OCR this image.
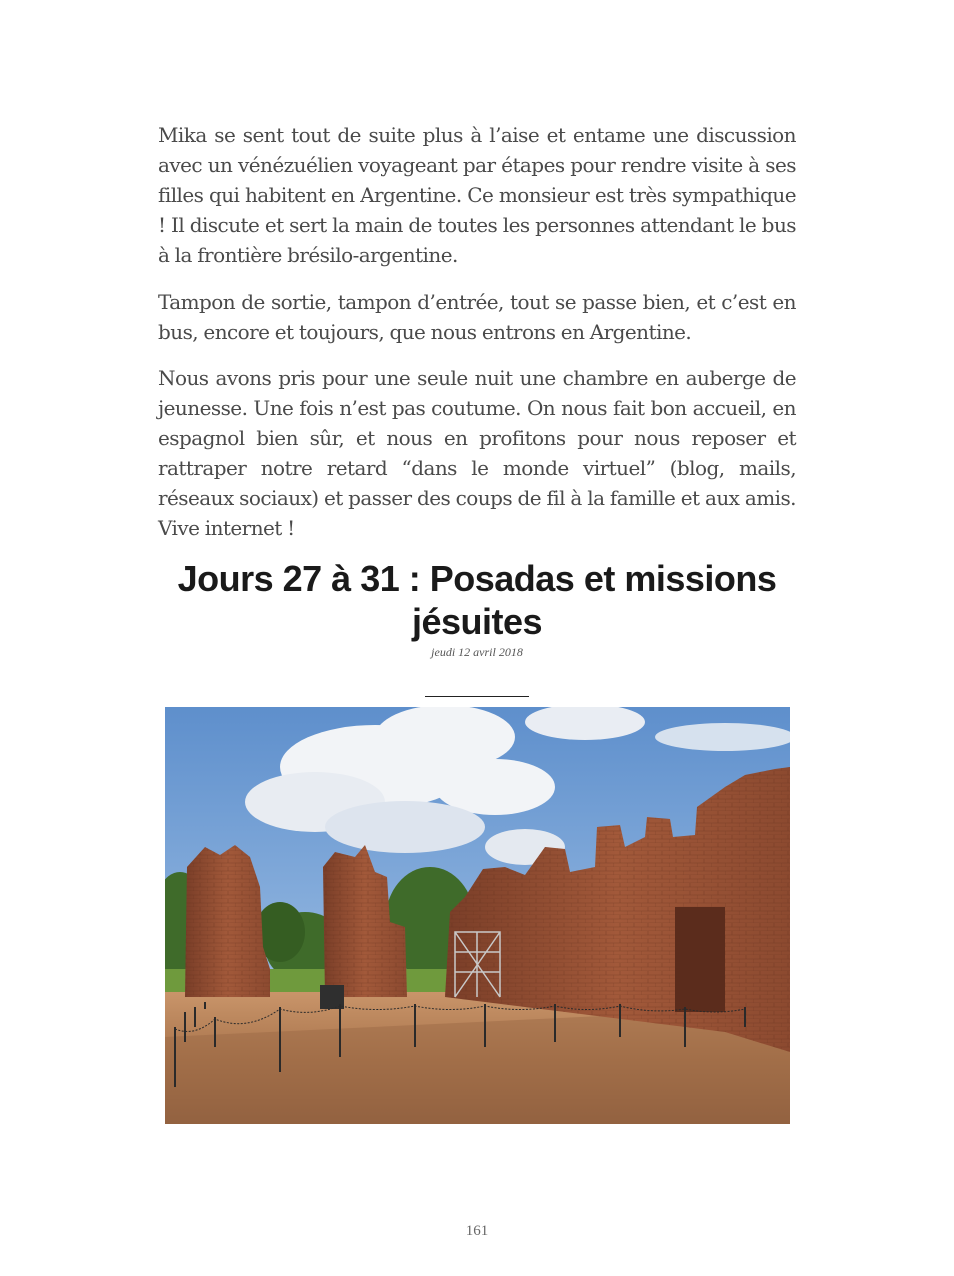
Mika se sent tout de suite plus à l’aise et entame une discussion avec un vénézuélien voyageant par étapes pour rendre visite à ses filles qui habitent en Argentine. Ce monsieur est très sympathique ! Il discute et sert la main de toutes les personnes attendant le bus à la frontière brésilo-argentine.

Tampon de sortie, tampon d’entrée, tout se passe bien, et c’est en bus, encore et toujours, que nous entrons en Argentine.

Nous avons pris pour une seule nuit une chambre en auberge de jeunesse. Une fois n’est pas coutume. On nous fait bon accueil, en espagnol bien sûr, et nous en profitons pour nous reposer et rattraper notre retard “dans le monde virtuel” (blog, mails, réseaux sociaux) et passer des coups de fil à la famille et aux amis. Vive internet !

Jours 27 à 31 : Posadas et missions jésuites
jeudi 12 avril 2018
161
